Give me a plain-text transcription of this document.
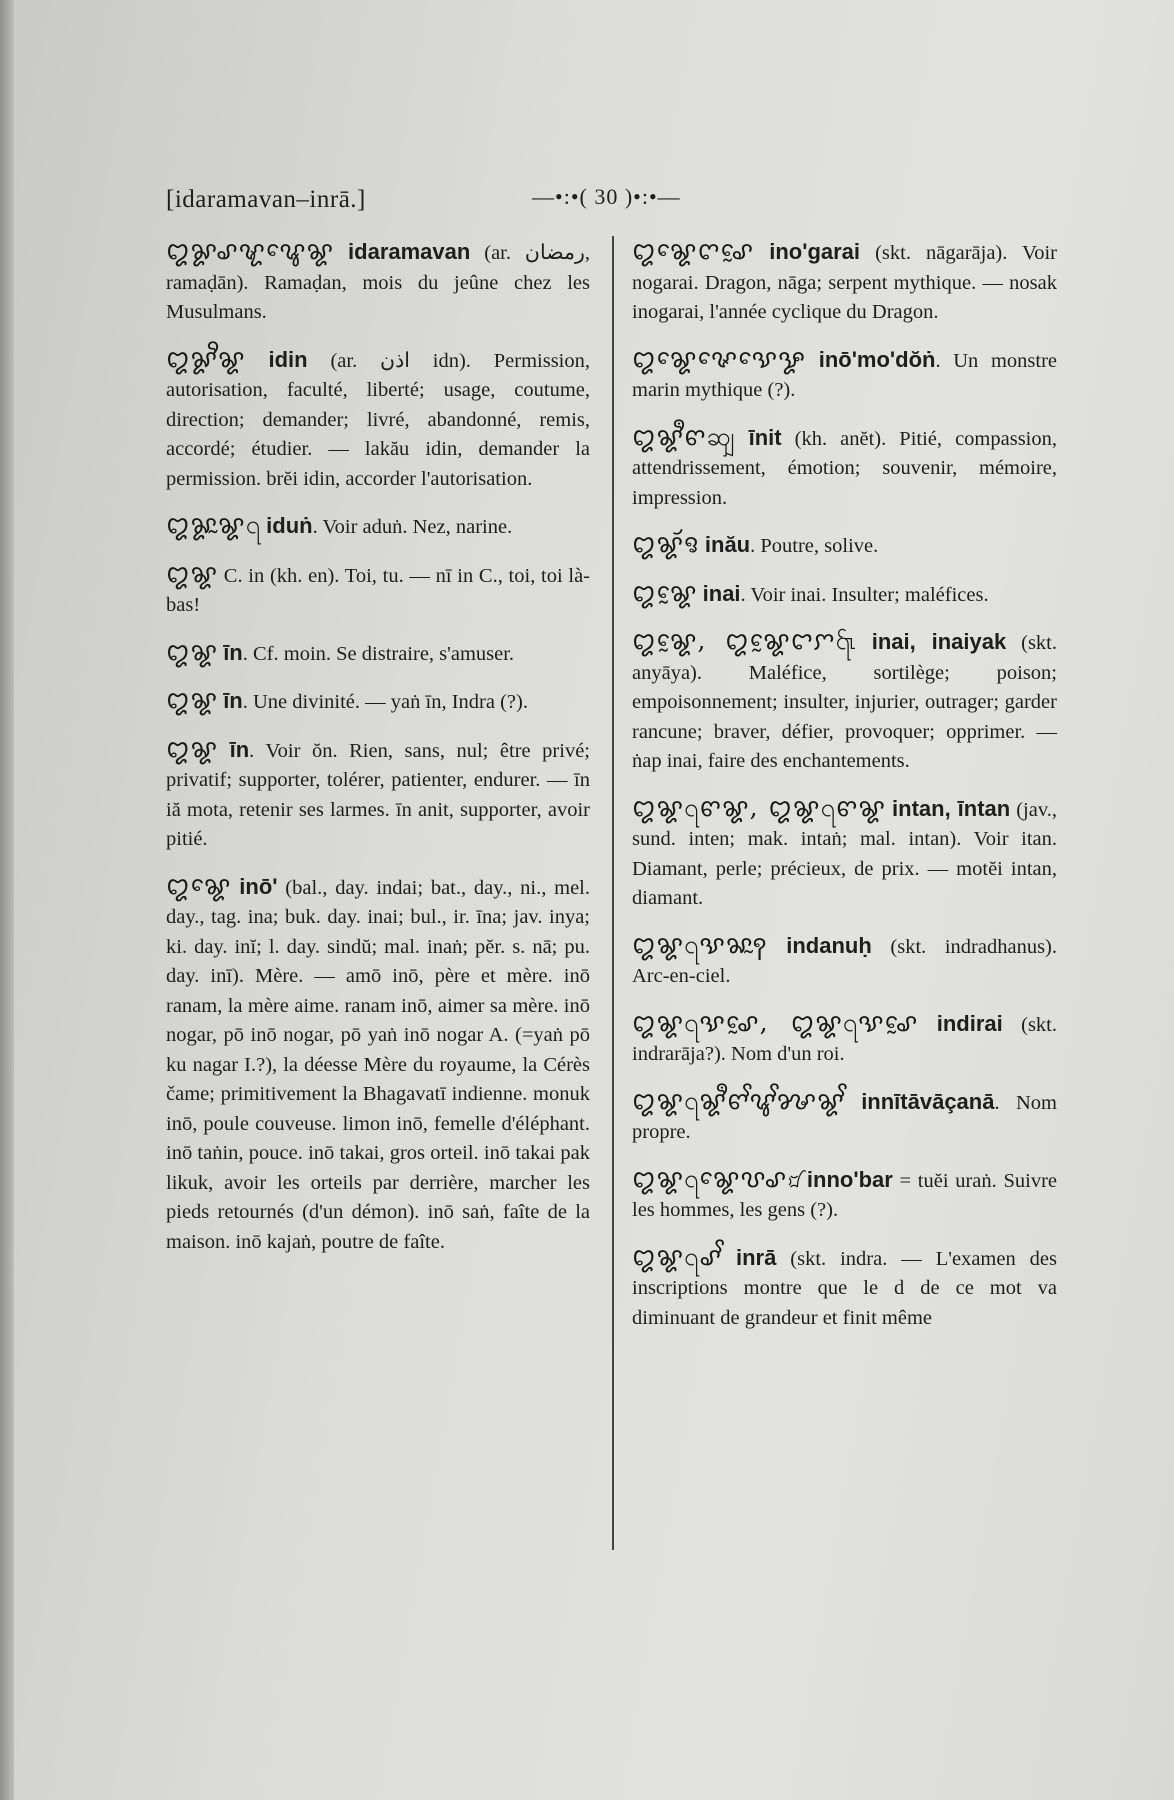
[idaramavan–inrā.]	—•:•( 30 )•:•—

ꨁꨙꨣꨠꨥꨯꨘ idaramavan (ar. رمضان, ramaḍān). Ramaḍan, mois du jeûne chez les Musulmans.

ꨁꨙꨪꨘ idin (ar. اذن idn). Permission, autorisation, faculté, liberté; usage, coutume, direction; demander; livré, abandonné, remis, accordé; étudier. — lakău idin, demander la permission. brĕi idin, accorder l'autorisation.

ꨁꨙꨭꨘ꩹ iduṅ. Voir aduṅ. Nez, narine.

ꨁꨘ C. in (kh. en). Toi, tu. — nī in C., toi, toi là-bas!

ꨁꨘ īn. Cf. moin. Se distraire, s'amuser.

ꨁꨘ īn. Une divinité. — yaṅ īn, Indra (?).

ꨁꨘ īn. Voir ŏn. Rien, sans, nul; être privé; privatif; supporter, tolérer, patienter, endurer. — īn iă mota, retenir ses larmes. īn anit, supporter, avoir pitié.

ꨁꨘꨯ inō' (bal., day. indai; bat., day., ni., mel. day., tag. ina; buk. day. inai; bul., ir. īna; jav. inya; ki. day. inĭ; l. day. sindŭ; mal. inaṅ; pĕr. s. nā; pu. day. inī). Mère. — amō inō, père et mère. inō ranam, la mère aime. ranam inō, aimer sa mère. inō nogar, pō inō nogar, pō yaṅ inō nogar A. (=yaṅ pō ku nagar I.?), la déesse Mère du royaume, la Cérès čame; primitivement la Bhagavatī indienne. monuk inō, poule couveuse. limon inō, femelle d'éléphant. inō taṅin, pouce. inō takai, gros orteil. inō takai pak likuk, avoir les orteils par derrière, marcher les pieds retournés (d'un démon). inō saṅ, faîte de la maison. inō kajaṅ, poutre de faîte.

ꨁꨘꨯꨈꨣꨰ ino'garai (skt. nāgarāja). Voir nogarai. Dragon, nāga; serpent mythique. — nosak inogarai, l'année cyclique du Dragon.

ꨁꨘꨯꨟꨯꨕꨯꨋ inō'mo'dŏṅ. Un monstre marin mythique (?).

ꨁꨘꨫꨓꩿ īnit (kh. anĕt). Pitié, compassion, attendrissement, émotion; souvenir, mémoire, impression.

ꨁꨘꨮꨅ inău. Poutre, solive.

ꨁꨘꨰ inai. Voir inai. Insulter; maléfices.

ꨁꨘꨰ, ꨁꨘꨰꨤꨆ꩷ inai, inaiyak (skt. anyāya). Maléfice, sortilège; poison; empoisonnement; insulter, injurier, outrager; garder rancune; braver, défier, provoquer; opprimer. — ṅap inai, faire des enchantements.

ꨁꨘ꩹ꨓꨘ, ꨁꨘ꩹ꨓꨘ intan, īntan (jav., sund. inten; mak. intaṅ; mal. intan). Voir itan. Diamant, perle; précieux, de prix. — motĕi intan, diamant.

ꨁꨘ꩹ꨕꨗꨭꩍ indanuḥ (skt. indradhanus). Arc-en-ciel.

ꨁꨘ꩹ꨕꨣꨰ, ꨁꨘ꩹ꨕꨣꨰ indirai (skt. indrarāja?). Nom d'un roi.

ꨁꨘ꩹ꨘꨫꨓꨩꨥꨩꨍꨘꨩ innītāvāçanā. Nom propre.

ꨁꨘ꩹ꨘꨯꨝꨣ꩸ inno'bar = tuĕi uraṅ. Suivre les hommes, les gens (?).

ꨁꨘ꩹ꨣꨩ inrā (skt. indra. — L'examen des inscriptions montre que le d de ce mot va diminuant de grandeur et finit même
